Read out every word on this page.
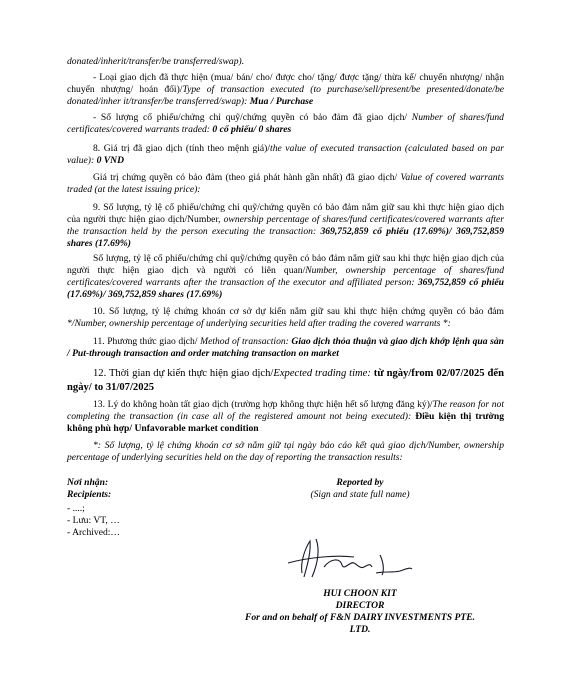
donated/inherit/transfer/be transferred/swap).

- Loại giao dịch đã thực hiện (mua/ bán/ cho/ được cho/ tặng/ được tặng/ thừa kế/ chuyển nhượng/ nhận chuyển nhượng/ hoán đổi)/Type of transaction executed (to purchase/sell/present/be presented/donate/be donated/inher it/transfer/be transferred/swap): Mua / Purchase

- Số lượng cổ phiếu/chứng chỉ quỹ/chứng quyền có bảo đảm đã giao dịch/ Number of shares/fund certificates/covered warrants traded: 0 cổ phiếu/ 0 shares

8. Giá trị đã giao dịch (tính theo mệnh giá)/the value of executed transaction (calculated based on par value): 0 VND

Giá trị chứng quyền có bảo đảm (theo giá phát hành gần nhất) đã giao dịch/ Value of covered warrants traded (at the latest issuing price):

9. Số lượng, tỷ lệ cổ phiếu/chứng chỉ quỹ/chứng quyền có bảo đảm nắm giữ sau khi thực hiện giao dịch của người thực hiện giao dịch/Number, ownership percentage of shares/fund certificates/covered warrants after the transaction held by the person executing the transaction: 369,752,859 cổ phiếu (17.69%)/ 369,752,859 shares (17.69%)

Số lượng, tỷ lệ cổ phiếu/chứng chỉ quỹ/chứng quyền có bảo đảm nắm giữ sau khi thực hiện giao dịch của người thực hiện giao dịch và người có liên quan/Number, ownership percentage of shares/fund certificates/covered warrants after the transaction of the executor and affiliated person: 369,752,859 cổ phiếu (17.69%)/ 369,752,859 shares (17.69%)

10. Số lượng, tỷ lệ chứng khoán cơ sở dự kiến nắm giữ sau khi thực hiện chứng quyền có bảo đảm */Number, ownership percentage of underlying securities held after trading the covered warrants *:

11. Phương thức giao dịch/ Method of transaction: Giao dịch thỏa thuận và giao dịch khớp lệnh qua sàn / Put-through transaction and order matching transaction on market

12. Thời gian dự kiến thực hiện giao dịch/Expected trading time: từ ngày/from 02/07/2025 đến ngày/ to 31/07/2025

13. Lý do không hoàn tất giao dịch (trường hợp không thực hiện hết số lượng đăng ký)/The reason for not completing the transaction (in case all of the registered amount not being executed): Điều kiện thị trường không phù hợp/ Unfavorable market condition

*: Số lượng, tỷ lệ chứng khoán cơ sở nắm giữ tại ngày báo cáo kết quả giao dịch/Number, ownership percentage of underlying securities held on the day of reporting the transaction results:

Nơi nhận:
Recipients:
- ....;
- Lưu: VT, …
- Archived:…
Reported by
(Sign and state full name)
HUI CHOON KIT
DIRECTOR
For and on behalf of F&N DAIRY INVESTMENTS PTE.
LTD.
